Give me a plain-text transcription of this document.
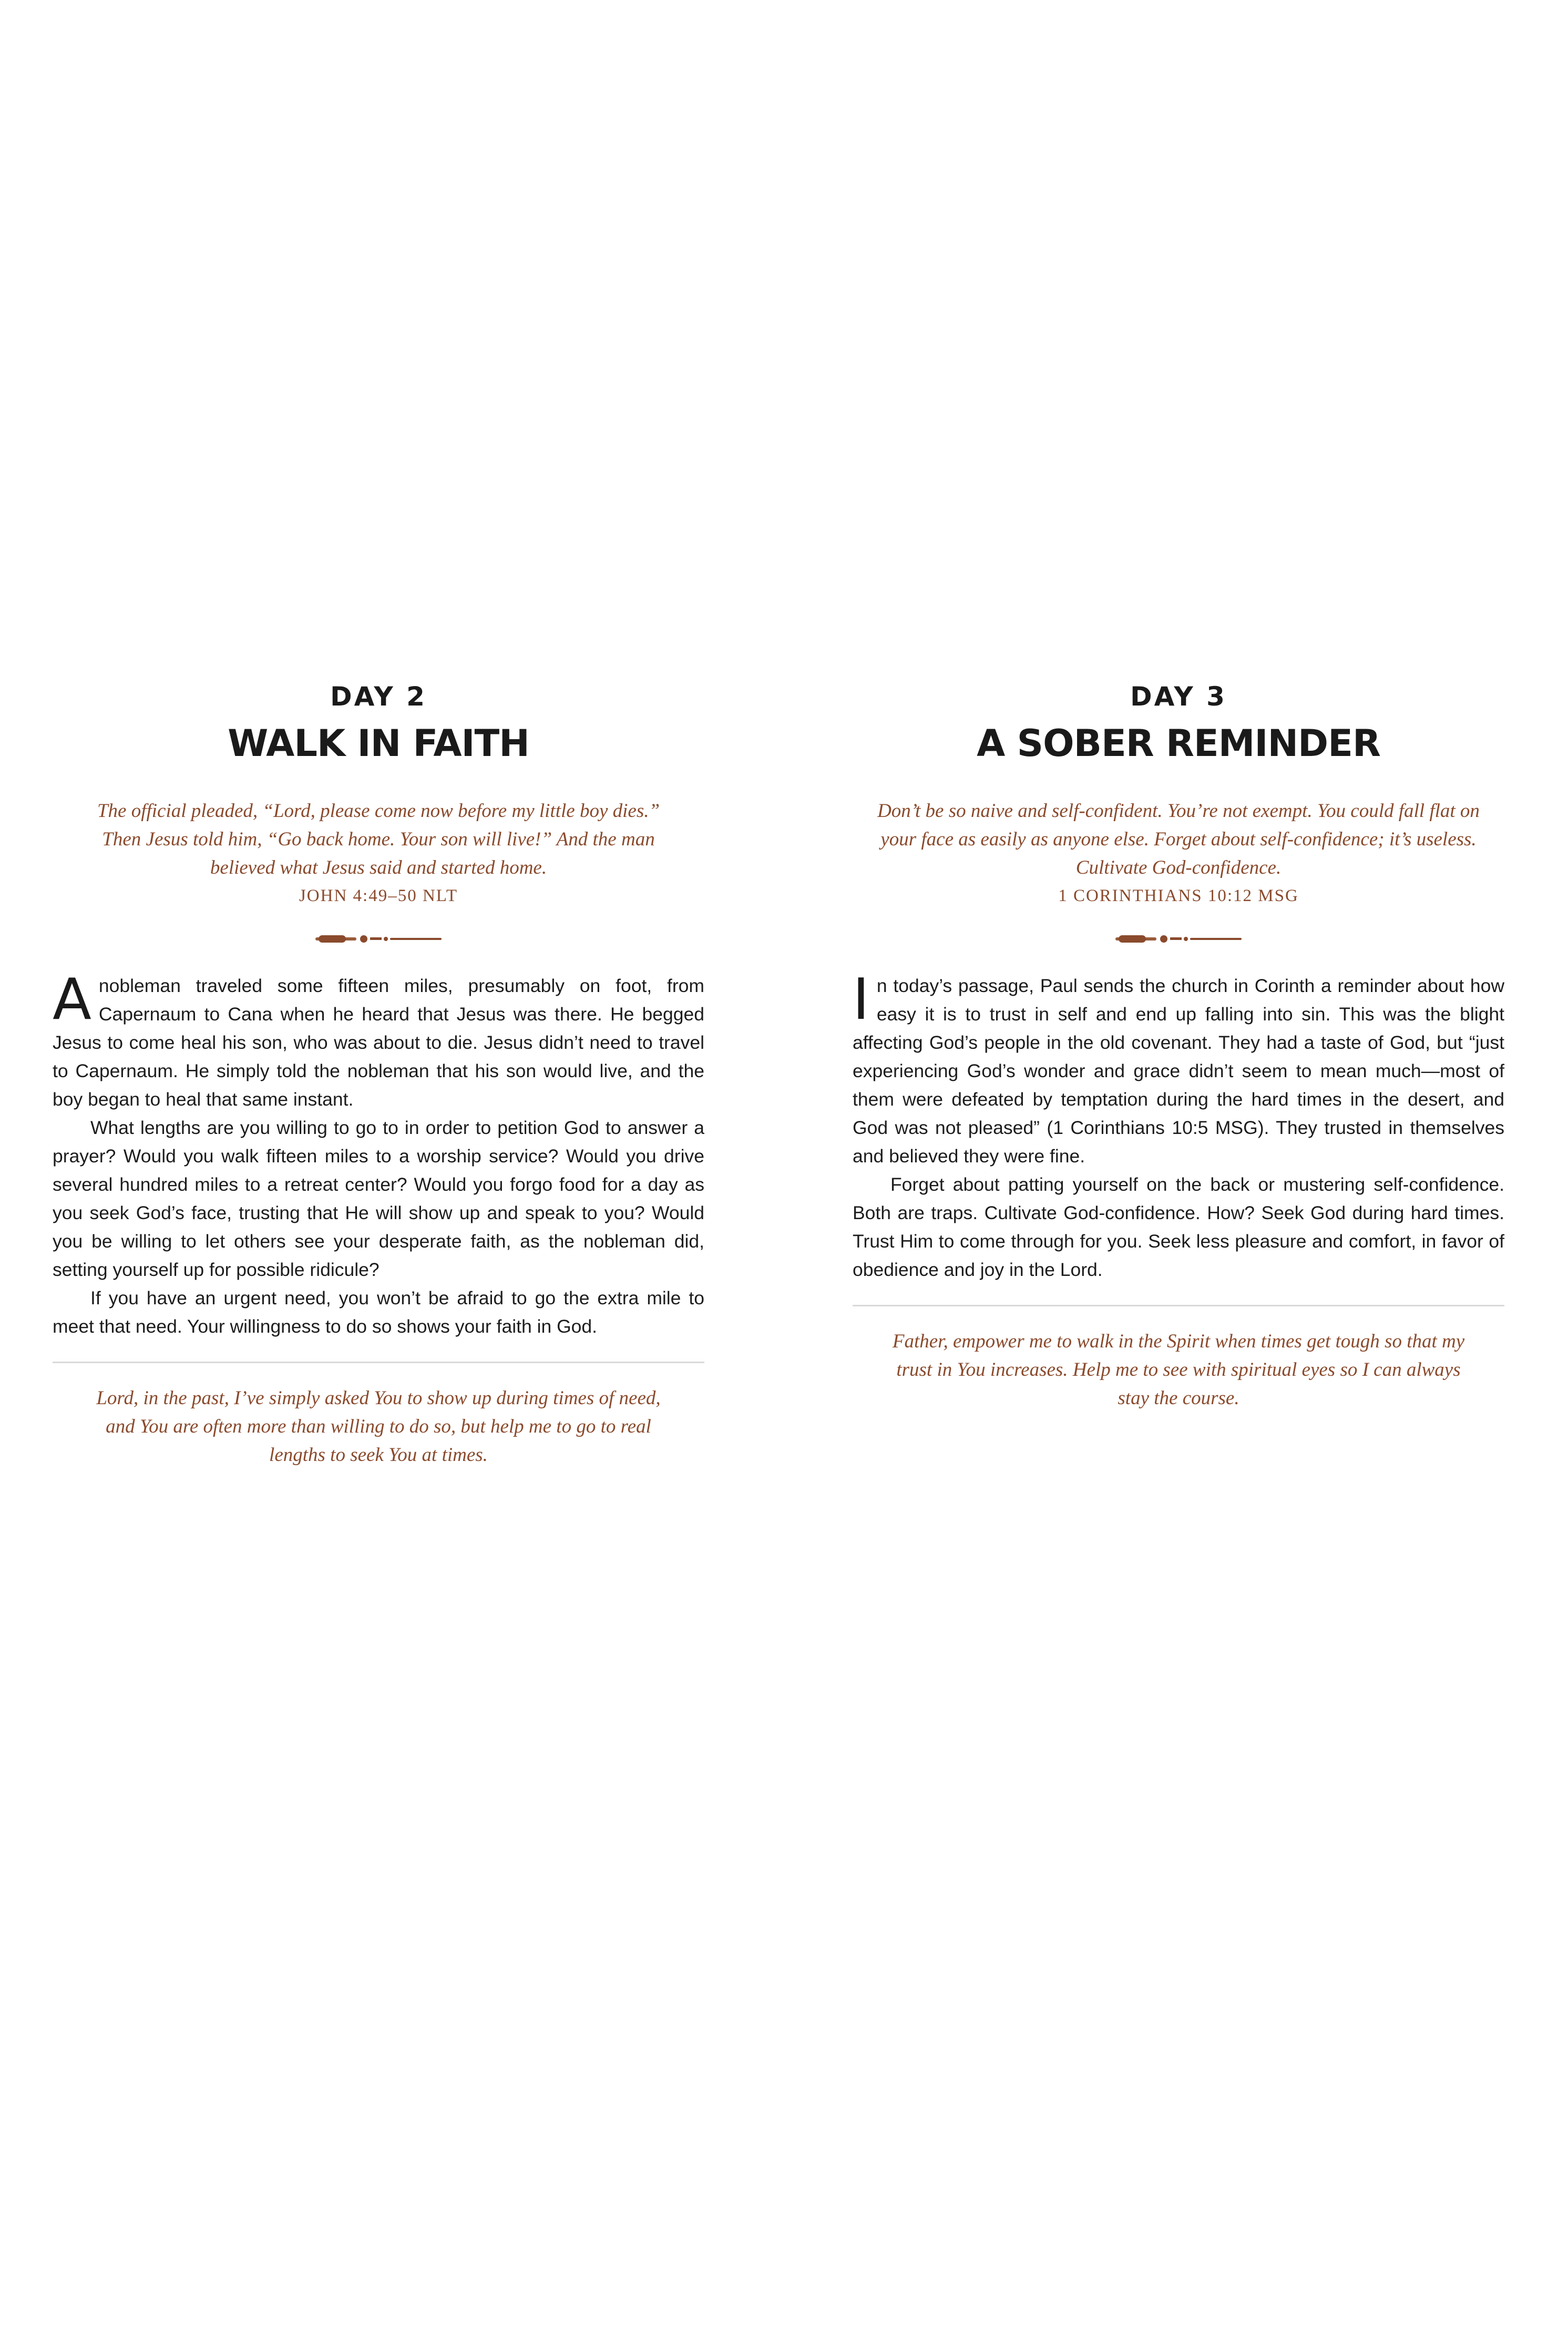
DAY 2
WALK IN FAITH
The official pleaded, “Lord, please come now before my little boy dies.” Then Jesus told him, “Go back home. Your son will live!” And the man believed what Jesus said and started home.
JOHN 4:49–50 NLT

Anobleman traveled some fifteen miles, presumably on foot, from Capernaum to Cana when he heard that Jesus was there. He begged Jesus to come heal his son, who was about to die. Jesus didn’t need to travel to Capernaum. He simply told the nobleman that his son would live, and the boy began to heal that same instant.

What lengths are you willing to go to in order to petition God to answer a prayer? Would you walk fifteen miles to a worship service? Would you drive several hundred miles to a retreat center? Would you forgo food for a day as you seek God’s face, trusting that He will show up and speak to you? Would you be willing to let others see your desperate faith, as the nobleman did, setting yourself up for possible ridicule?

If you have an urgent need, you won’t be afraid to go the extra mile to meet that need. Your willingness to do so shows your faith in God.

Lord, in the past, I’ve simply asked You to show up during times of need, and You are often more than willing to do so, but help me to go to real lengths to seek You at times.
DAY 3
A SOBER REMINDER
Don’t be so naive and self-confident. You’re not exempt. You could fall flat on your face as easily as anyone else. Forget about self-confidence; it’s useless. Cultivate God-confidence.
1 CORINTHIANS 10:12 MSG

In today’s passage, Paul sends the church in Corinth a reminder about how easy it is to trust in self and end up falling into sin. This was the blight affecting God’s people in the old covenant. They had a taste of God, but “just experiencing God’s wonder and grace didn’t seem to mean much—most of them were defeated by temptation during the hard times in the desert, and God was not pleased” (1 Corinthians 10:5 MSG). They trusted in themselves and believed they were fine.

Forget about patting yourself on the back or mustering self-confidence. Both are traps. Cultivate God-confidence. How? Seek God during hard times. Trust Him to come through for you. Seek less pleasure and comfort, in favor of obedience and joy in the Lord.

Father, empower me to walk in the Spirit when times get tough so that my trust in You increases. Help me to see with spiritual eyes so I can always stay the course.
